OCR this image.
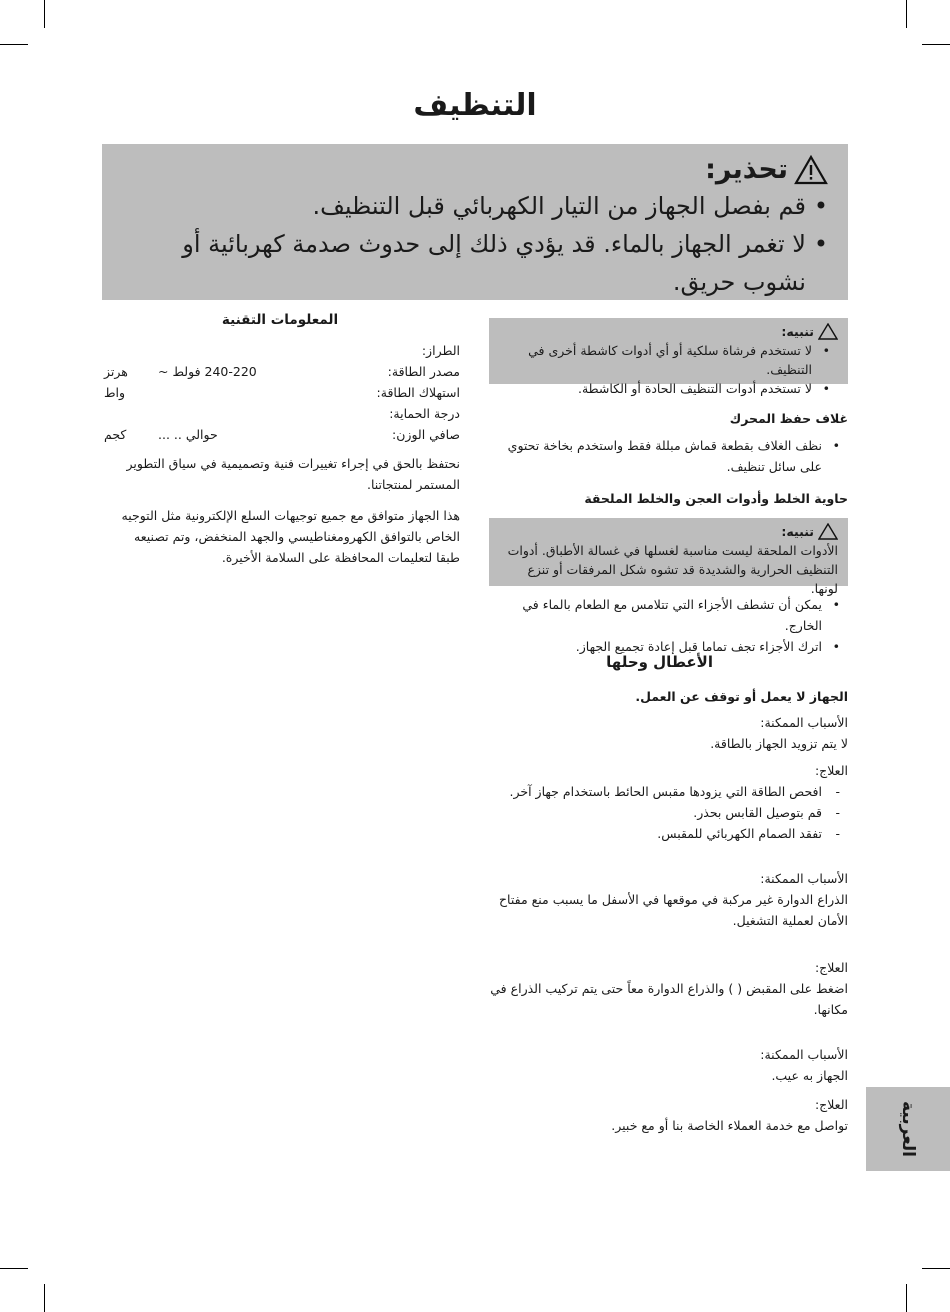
التنظيف
تحذير:
• قم بفصل الجهاز من التيار الكهربائي قبل التنظيف.
• لا تغمر الجهاز بالماء. قد يؤدي ذلك إلى حدوث صدمة كهربائية أو نشوب حريق.
تنبيه:
• لا تستخدم فرشاة سلكية أو أي أدوات كاشطة أخرى في التنظيف.
• لا تستخدم أدوات التنظيف الحادة أو الكاشطة.
غلاف حفظ المحرك
• نظف الغلاف بقطعة قماش مبللة فقط واستخدم بخاخة تحتوي على سائل تنظيف.
حاوية الخلط وأدوات العجن والخلط الملحقة
تنبيه:
الأدوات الملحقة ليست مناسبة لغسلها في غسالة الأطباق. أدوات التنظيف الحرارية والشديدة قد تشوه شكل المرفقات أو تنزع لونها.
• يمكن أن تشطف الأجزاء التي تتلامس مع الطعام بالماء في الخارج.
• اترك الأجزاء تجف تماما قبل إعادة تجميع الجهاز.
الأعطال وحلها
الجهاز لا يعمل أو توقف عن العمل.
الأسباب الممكنة:
لا يتم تزويد الجهاز بالطاقة.
العلاج:
- افحص الطاقة التي يزودها مقبس الحائط باستخدام جهاز آخر.
- قم بتوصيل القابس بحذر.
- تفقد الصمام الكهربائي للمقبس.
الأسباب الممكنة:
الذراع الدوارة غير مركبة في موقعها في الأسفل ما يسبب منع مفتاح الأمان لعملية التشغيل.
العلاج:
اضغط على المقبض ( ) والذراع الدوارة معاً حتى يتم تركيب الذراع في مكانها.
الأسباب الممكنة:
الجهاز به عيب.
العلاج:
تواصل مع خدمة العملاء الخاصة بنا أو مع خبير.
المعلومات التقنية
الطراز:
مصدر الطاقة:
240-220 فولط ~
هرتز
استهلاك الطاقة:
واط
درجة الحماية:
صافي الوزن:
حوالي .. ...
كجم
نحتفظ بالحق في إجراء تغييرات فنية وتصميمية في سياق التطوير المستمر لمنتجاتنا.
هذا الجهاز متوافق مع جميع توجيهات السلع الإلكترونية مثل التوجيه الخاص بالتوافق الكهرومغناطيسي والجهد المنخفض، وتم تصنيعه طبقا لتعليمات المحافظة على السلامة الأخيرة.
العربية
